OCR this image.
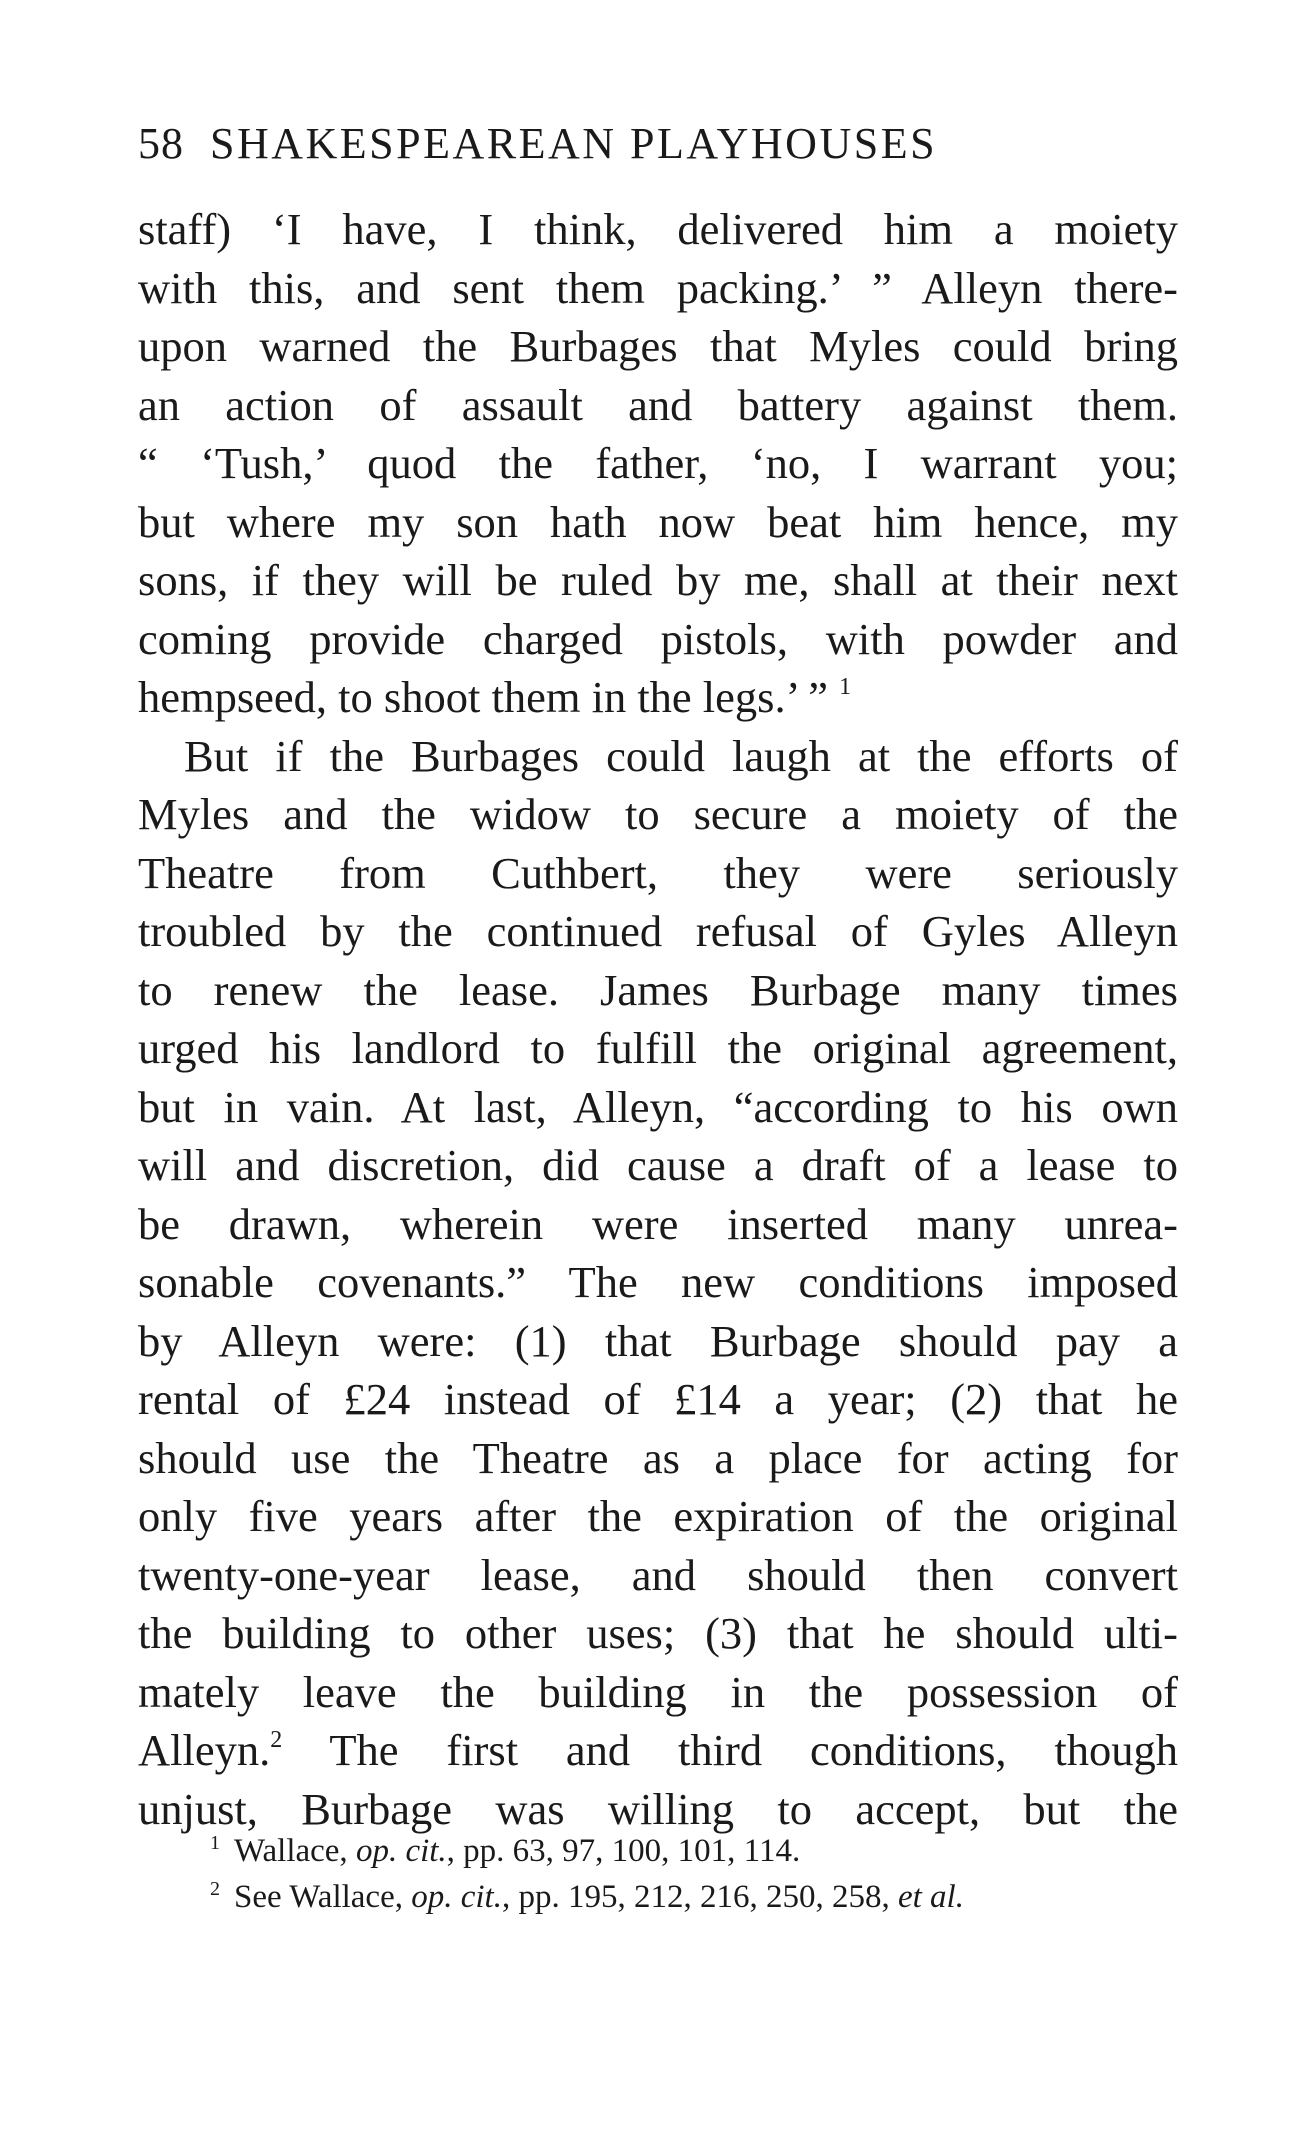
58 SHAKESPEAREAN PLAYHOUSES
staff) ‘I have, I think, delivered him a moiety
with this, and sent them packing.’ ” Alleyn there-
upon warned the Burbages that Myles could bring
an action of assault and battery against them.
“ ‘Tush,’ quod the father, ‘no, I warrant you;
but where my son hath now beat him hence, my
sons, if they will be ruled by me, shall at their next
coming provide charged pistols, with powder and
hempseed, to shoot them in the legs.’ ” $^1$
But if the Burbages could laugh at the efforts of
Myles and the widow to secure a moiety of the
Theatre from Cuthbert, they were seriously
troubled by the continued refusal of Gyles Alleyn
to renew the lease. James Burbage many times
urged his landlord to fulfill the original agreement,
but in vain. At last, Alleyn, “according to his own
will and discretion, did cause a draft of a lease to
be drawn, wherein were inserted many unrea-
sonable covenants.” The new conditions imposed
by Alleyn were: (1) that Burbage should pay a
rental of £24 instead of £14 a year; (2) that he
should use the Theatre as a place for acting for
only five years after the expiration of the original
twenty-one-year lease, and should then convert
the building to other uses; (3) that he should ulti-
mately leave the building in the possession of
Alleyn.$^2$ The first and third conditions, though
unjust, Burbage was willing to accept, but the
1 Wallace, op. cit., pp. 63, 97, 100, 101, 114.
2 See Wallace, op. cit., pp. 195, 212, 216, 250, 258, et al.
